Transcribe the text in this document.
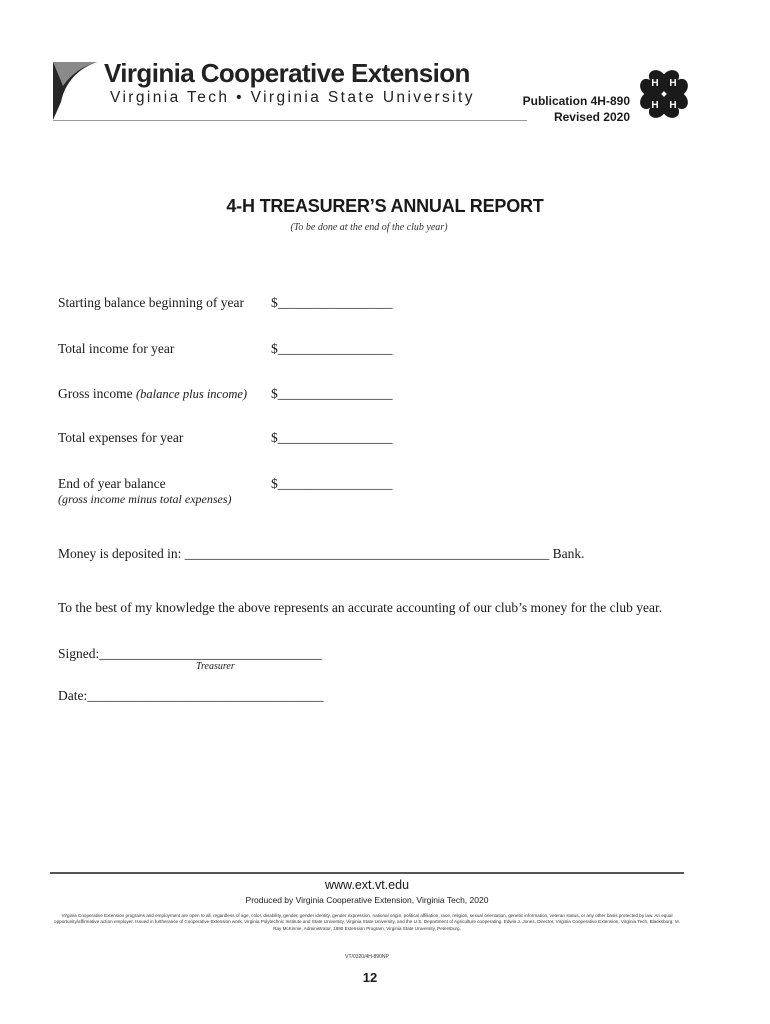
Virginia Cooperative Extension
Virginia Tech • Virginia State University	Publication 4H-890
Revised 2020
H H
H H
4-H TREASURER’S ANNUAL REPORT
(To be done at the end of the club year)
Starting balance beginning of year $_________________
Total income for year	$_________________
Gross income (balance plus income) $_________________
Total expenses for year	$_________________
End of year balance	$_________________
(gross income minus total expenses)
Money is deposited in: ______________________________________________________ Bank.
To the best of my knowledge the above represents an accurate accounting of our club’s money for the club year.
Signed:_________________________________
Treasurer
Date:___________________________________
www.ext.vt.edu
Produced by Virginia Cooperative Extension, Virginia Tech, 2020
Virginia Cooperative Extension programs and employment are open to all, regardless of age, color, disability, gender, gender identity, gender expression, national origin, political affiliation, race, religion, sexual orientation, genetic information, veteran status, or any other basis protected by law. An equal opportunity/affirmative action employer. Issued in furtherance of Cooperative Extension work, Virginia Polytechnic Institute and State University, Virginia State University, and the U.S. Department of Agriculture cooperating. Edwin J. Jones, Director, Virginia Cooperative Extension, Virginia Tech, Blacksburg; M. Ray McKinnie, Administrator, 1890 Extension Program, Virginia State University, Petersburg.
VT/0320/4H-890NP
12
